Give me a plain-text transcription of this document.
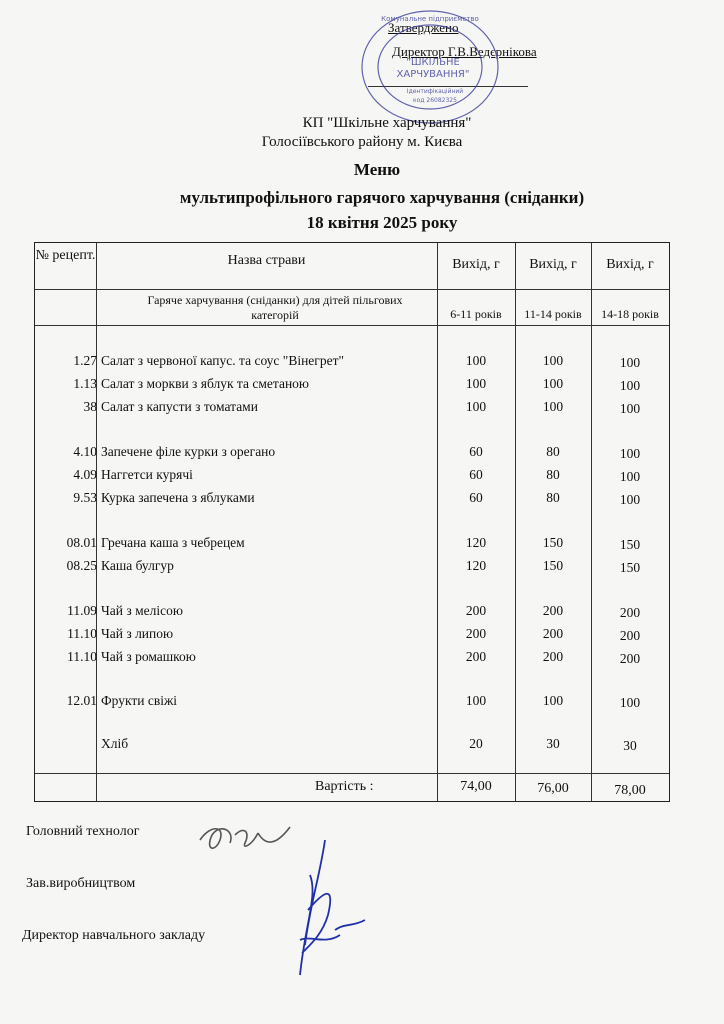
Затверджено
Директор Г.В.Ведєрнікова
Комунальне підприємство
"ШКІЛЬНЕ
ХАРЧУВАННЯ"
Ідентифікаційний
код 26082325
КП "Шкільне харчування"
Голосіївського району м. Києва
Меню
мультипрофільного гарячого харчування (сніданки)
18 квітня 2025 року
№ рецепт.	Назва страви	Вихід, г	Вихід, г	Вихід, г
Гаряче харчування (сніданки) для дітей пільгових категорій	6-11 років	11-14 років	14-18 років
1.27 Салат з червоної капус. та соус "Вінегрет"	100	100	100
1.13 Салат з моркви з яблук та сметаною	100	100	100
38 Салат з капусти з томатами	100	100	100
4.10 Запечене філе курки з орегано	60	80	100
4.09 Наггетси курячі	60	80	100
9.53 Курка запечена з яблуками	60	80	100
08.01 Гречана каша з чебрецем	120	150	150
08.25 Каша булгур	120	150	150
11.09 Чай з мелісою	200	200	200
11.10 Чай з липою	200	200	200
11.10 Чай з ромашкою	200	200	200
12.01 Фрукти свіжі	100	100	100
Хліб	20	30	30
Вартість :	74,00	76,00	78,00
Головний технолог
Зав.виробництвом
Директор навчального закладу
